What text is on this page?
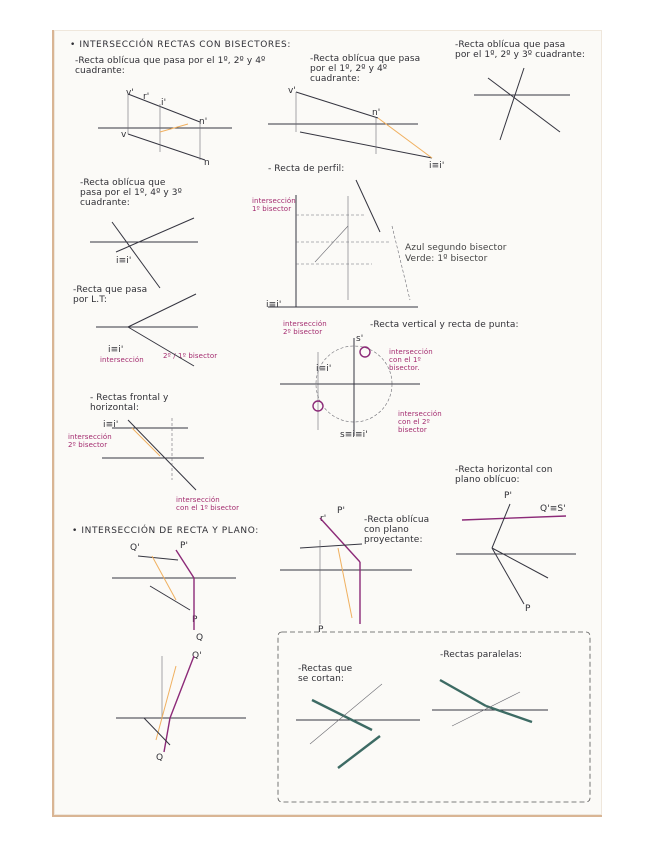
• INTERSECCIÓN RECTAS CON BISECTORES:
• INTERSECCIÓN DE RECTA Y PLANO:
-Recta oblícua que pasa por el 1º, 2º y 4º
cuadrante:
-Recta oblícua que pasa
por el 1º, 2º y 4º
cuadrante:
-Recta oblícua que pasa
por el 1º, 2º y 3º cuadrante:
-Recta oblícua que
pasa por el 1º, 4º y 3º
cuadrante:
- Recta de perfil:
-Recta que pasa
por L.T:
- Rectas frontal y
horizontal:
-Recta vertical y recta de punta:
-Recta oblícua
con plano
proyectante:
-Recta horizontal con
plano oblícuo:
-Rectas que
se cortan:
-Rectas paralelas:
Azul segundo bisector
Verde: 1º bisector
intersección
1º bisector
intersección
2º bisector
intersección	2º / 1º bisector
intersección
2º bisector
intersección
con el 1º bisector
intersección
con el 1º
bisector.
intersección
con el 2º
bisector
v' r'
i'
n'
v
n
v'
n'
i≡i'
i≡i'
i≡i'
i≡i'
i≡i'
s'
s≡i≡i'
i≡i'
Q'	P'
P
Q
P'
r'
P
P'
Q'≡S'
P
Q'
Q
